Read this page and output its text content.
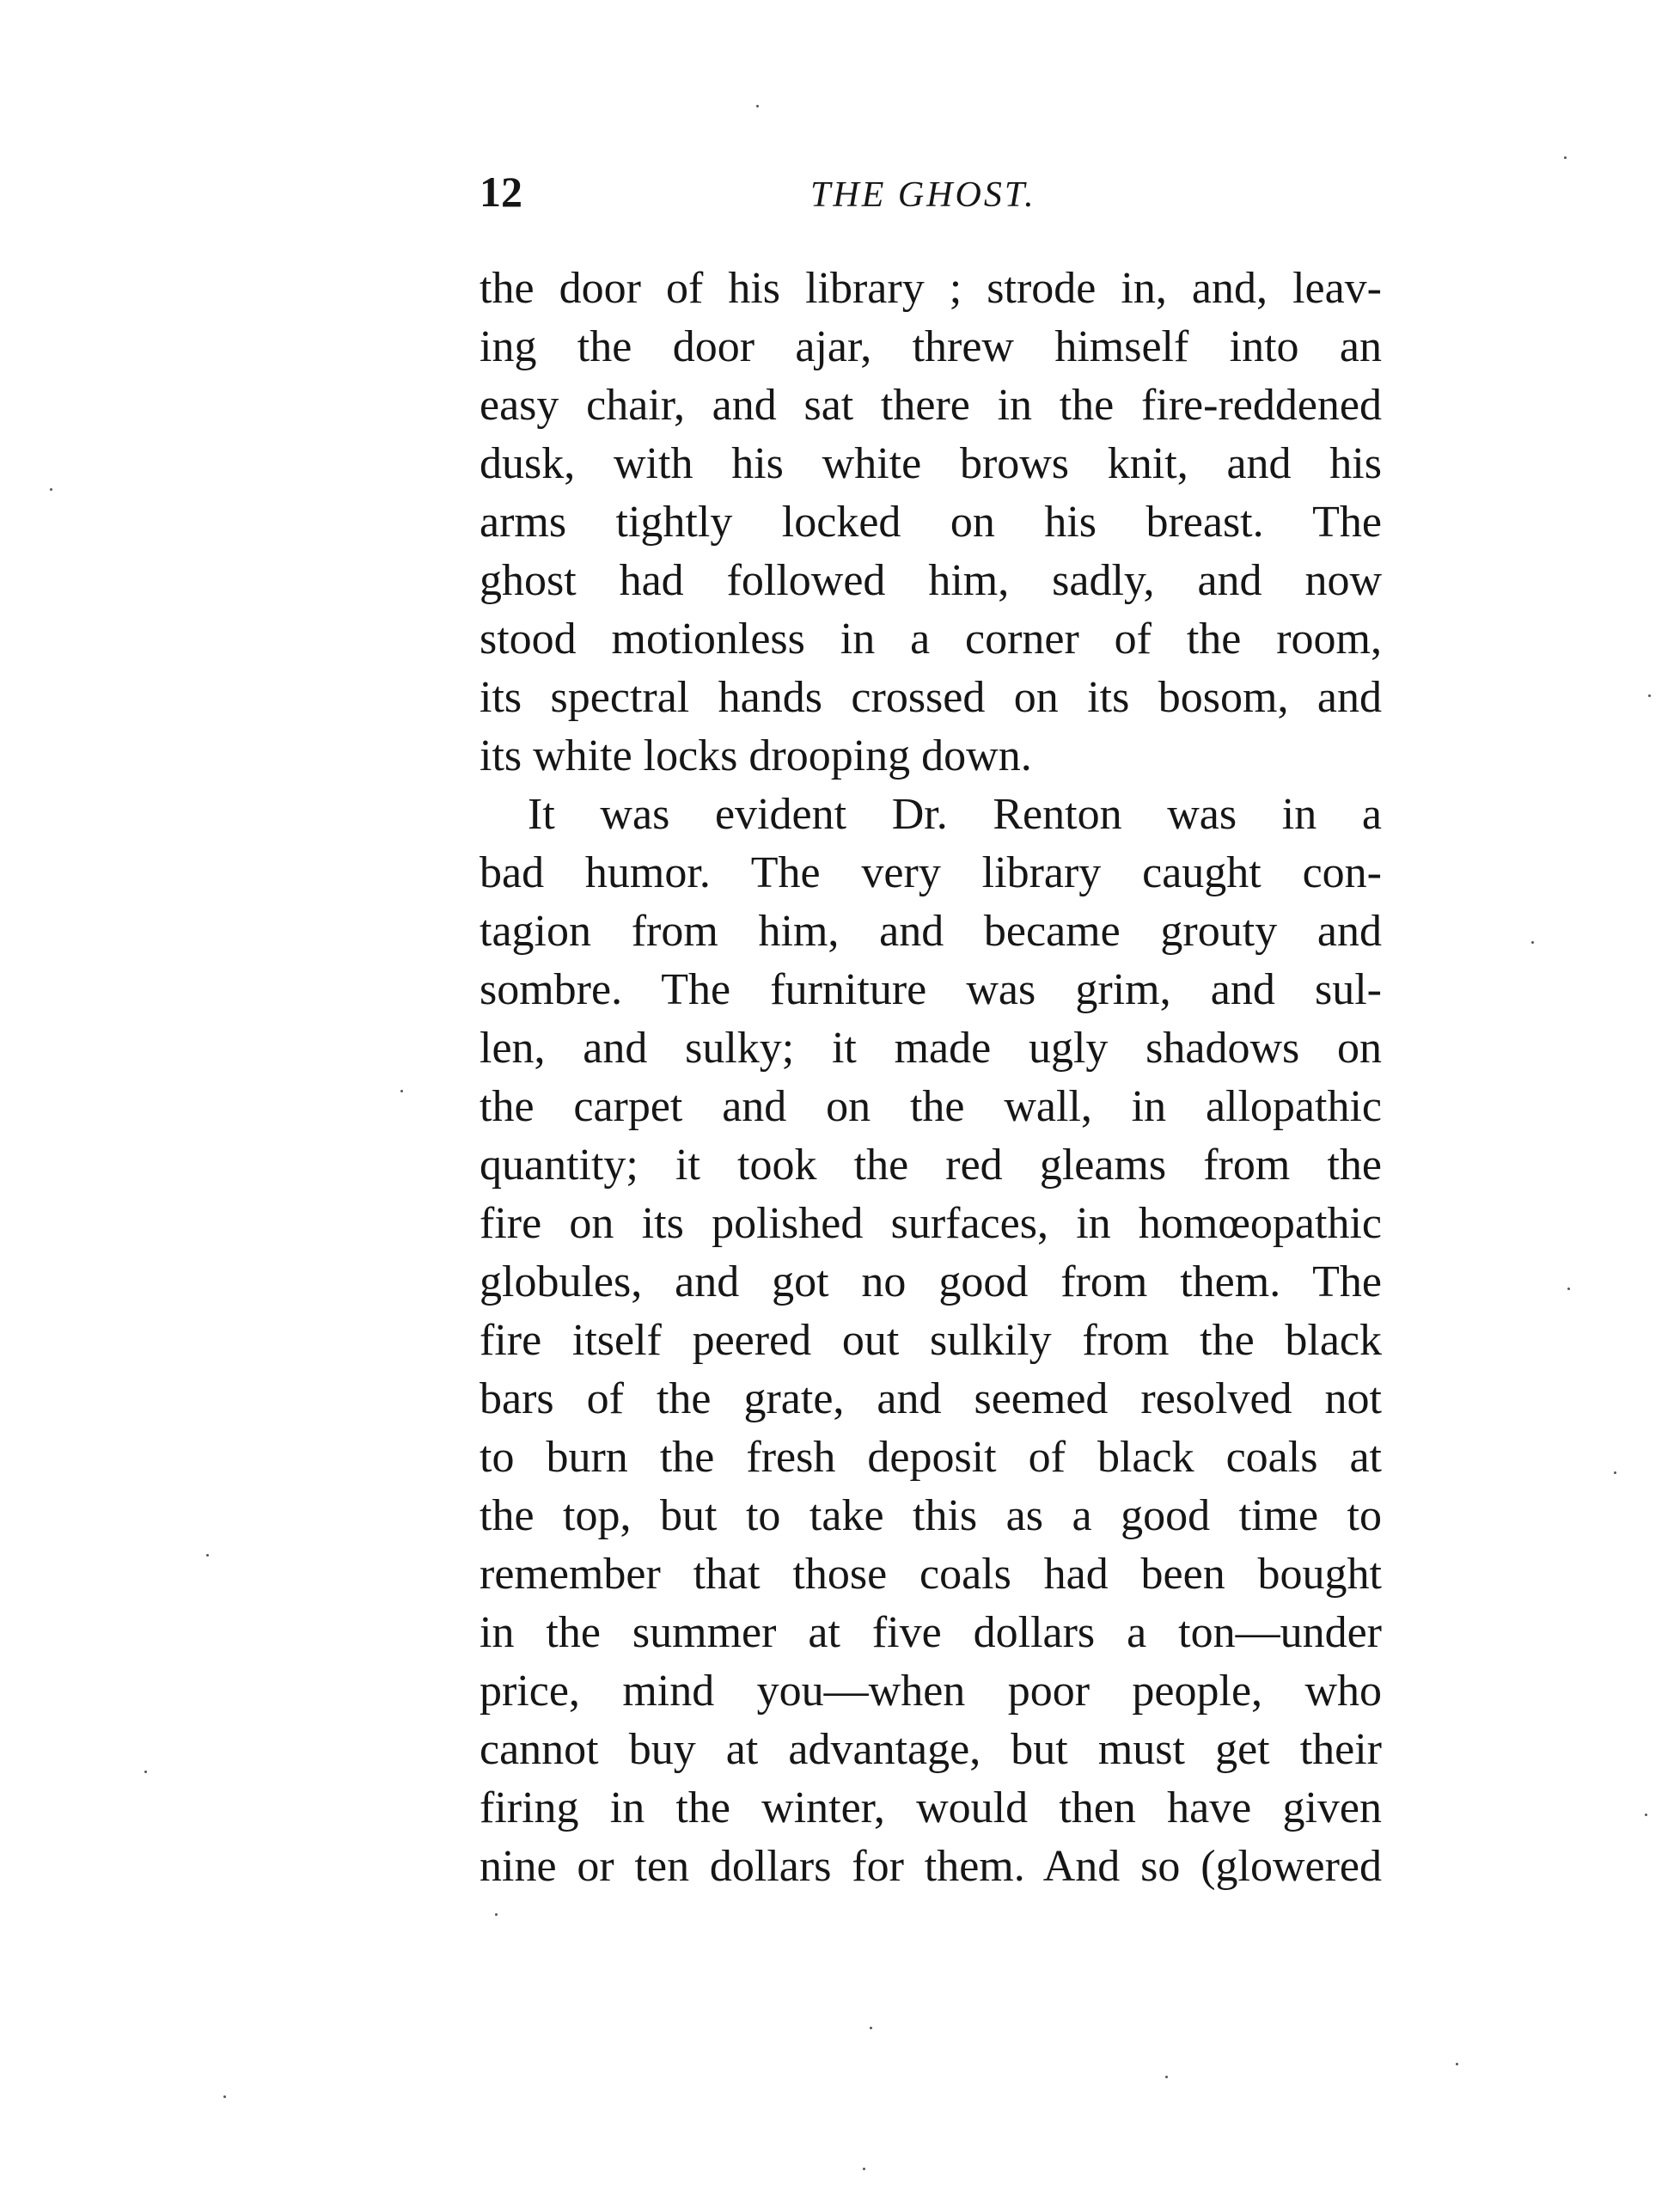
12	THE GHOST.
the door of his library ; strode in, and, leav-
ing the door ajar, threw himself into an
easy chair, and sat there in the fire-reddened
dusk, with his white brows knit, and his
arms tightly locked on his breast. The
ghost had followed him, sadly, and now
stood motionless in a corner of the room,
its spectral hands crossed on its bosom, and
its white locks drooping down.
It was evident Dr. Renton was in a
bad humor. The very library caught con-
tagion from him, and became grouty and
sombre. The furniture was grim, and sul-
len, and sulky; it made ugly shadows on
the carpet and on the wall, in allopathic
quantity; it took the red gleams from the
fire on its polished surfaces, in homœopathic
globules, and got no good from them. The
fire itself peered out sulkily from the black
bars of the grate, and seemed resolved not
to burn the fresh deposit of black coals at
the top, but to take this as a good time to
remember that those coals had been bought
in the summer at five dollars a ton—under
price, mind you—when poor people, who
cannot buy at advantage, but must get their
firing in the winter, would then have given
nine or ten dollars for them. And so (glowered
